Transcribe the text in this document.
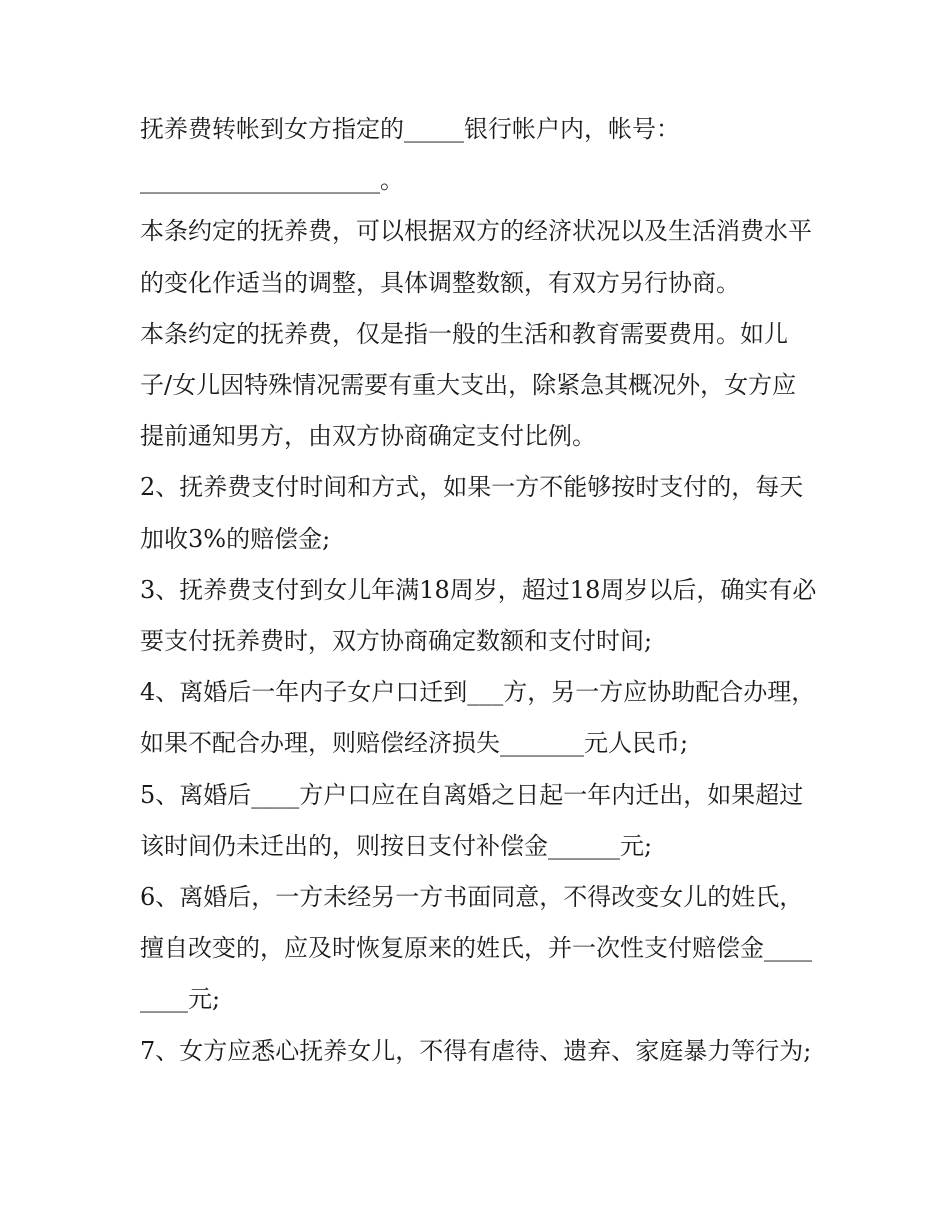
抚养费转帐到女方指定的_____银行帐户内，帐号：

____________________。

本条约定的抚养费，可以根据双方的经济状况以及生活消费水平的变化作适当的调整，具体调整数额，有双方另行协商。

本条约定的抚养费，仅是指一般的生活和教育需要费用。如儿子/女儿因特殊情况需要有重大支出，除紧急其概况外，女方应提前通知男方，由双方协商确定支付比例。

2、抚养费支付时间和方式，如果一方不能够按时支付的，每天加收3%的赔偿金;

3、抚养费支付到女儿年满18周岁，超过18周岁以后，确实有必要支付抚养费时，双方协商确定数额和支付时间;

4、离婚后一年内子女户口迁到___方，另一方应协助配合办理，如果不配合办理，则赔偿经济损失_______元人民币;

5、离婚后____方户口应在自离婚之日起一年内迁出，如果超过该时间仍未迁出的，则按日支付补偿金______元;

6、离婚后，一方未经另一方书面同意，不得改变女儿的姓氏，擅自改变的，应及时恢复原来的姓氏，并一次性支付赔偿金________元;

7、女方应悉心抚养女儿，不得有虐待、遗弃、家庭暴力等行为;
